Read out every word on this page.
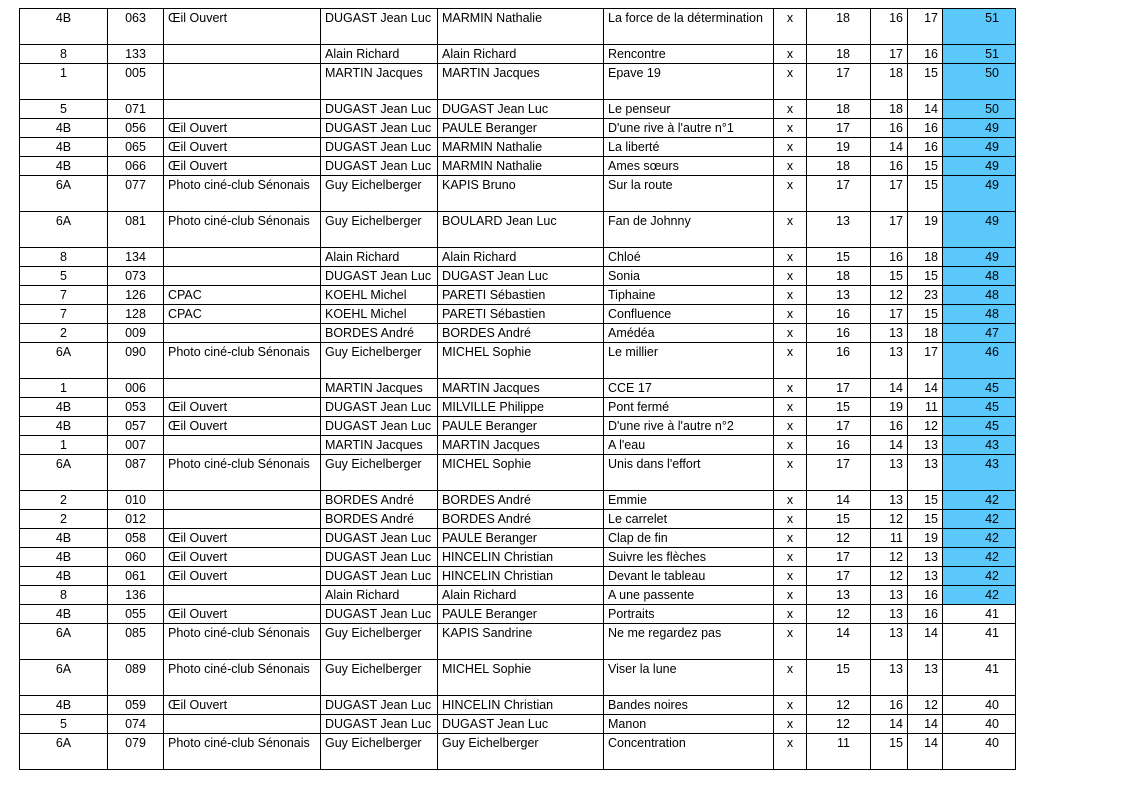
4B	063	Œil Ouvert	DUGAST Jean Luc	MARMIN Nathalie	La force de la détermination	x	18	16	17	51
8	133		Alain Richard	Alain Richard	Rencontre	x	18	17	16	51
1	005		MARTIN Jacques	MARTIN Jacques	Epave 19	x	17	18	15	50
5	071		DUGAST Jean Luc	DUGAST Jean Luc	Le penseur	x	18	18	14	50
4B	056	Œil Ouvert	DUGAST Jean Luc	PAULE Beranger	D'une rive à l'autre n°1	x	17	16	16	49
4B	065	Œil Ouvert	DUGAST Jean Luc	MARMIN Nathalie	La liberté	x	19	14	16	49
4B	066	Œil Ouvert	DUGAST Jean Luc	MARMIN Nathalie	Ames sœurs	x	18	16	15	49
6A	077	Photo ciné-club Sénonais	Guy Eichelberger	KAPIS Bruno	Sur la route	x	17	17	15	49
6A	081	Photo ciné-club Sénonais	Guy Eichelberger	BOULARD Jean Luc	Fan de Johnny	x	13	17	19	49
8	134		Alain Richard	Alain Richard	Chloé	x	15	16	18	49
5	073		DUGAST Jean Luc	DUGAST Jean Luc	Sonia	x	18	15	15	48
7	126	CPAC	KOEHL Michel	PARETI Sébastien	Tiphaine	x	13	12	23	48
7	128	CPAC	KOEHL Michel	PARETI Sébastien	Confluence	x	16	17	15	48
2	009		BORDES André	BORDES André	Amédéa	x	16	13	18	47
6A	090	Photo ciné-club Sénonais	Guy Eichelberger	MICHEL Sophie	Le millier	x	16	13	17	46
1	006		MARTIN Jacques	MARTIN Jacques	CCE 17	x	17	14	14	45
4B	053	Œil Ouvert	DUGAST Jean Luc	MILVILLE Philippe	Pont fermé	x	15	19	11	45
4B	057	Œil Ouvert	DUGAST Jean Luc	PAULE Beranger	D'une rive à l'autre n°2	x	17	16	12	45
1	007		MARTIN Jacques	MARTIN Jacques	A l'eau	x	16	14	13	43
6A	087	Photo ciné-club Sénonais	Guy Eichelberger	MICHEL Sophie	Unis dans l'effort	x	17	13	13	43
2	010		BORDES André	BORDES André	Emmie	x	14	13	15	42
2	012		BORDES André	BORDES André	Le carrelet	x	15	12	15	42
4B	058	Œil Ouvert	DUGAST Jean Luc	PAULE Beranger	Clap de fin	x	12	11	19	42
4B	060	Œil Ouvert	DUGAST Jean Luc	HINCELIN Christian	Suivre les flèches	x	17	12	13	42
4B	061	Œil Ouvert	DUGAST Jean Luc	HINCELIN Christian	Devant le tableau	x	17	12	13	42
8	136		Alain Richard	Alain Richard	A une passente	x	13	13	16	42
4B	055	Œil Ouvert	DUGAST Jean Luc	PAULE Beranger	Portraits	x	12	13	16	41
6A	085	Photo ciné-club Sénonais	Guy Eichelberger	KAPIS Sandrine	Ne me regardez pas	x	14	13	14	41
6A	089	Photo ciné-club Sénonais	Guy Eichelberger	MICHEL Sophie	Viser la lune	x	15	13	13	41
4B	059	Œil Ouvert	DUGAST Jean Luc	HINCELIN Christian	Bandes noires	x	12	16	12	40
5	074		DUGAST Jean Luc	DUGAST Jean Luc	Manon	x	12	14	14	40
6A	079	Photo ciné-club Sénonais	Guy Eichelberger	Guy Eichelberger	Concentration	x	11	15	14	40
